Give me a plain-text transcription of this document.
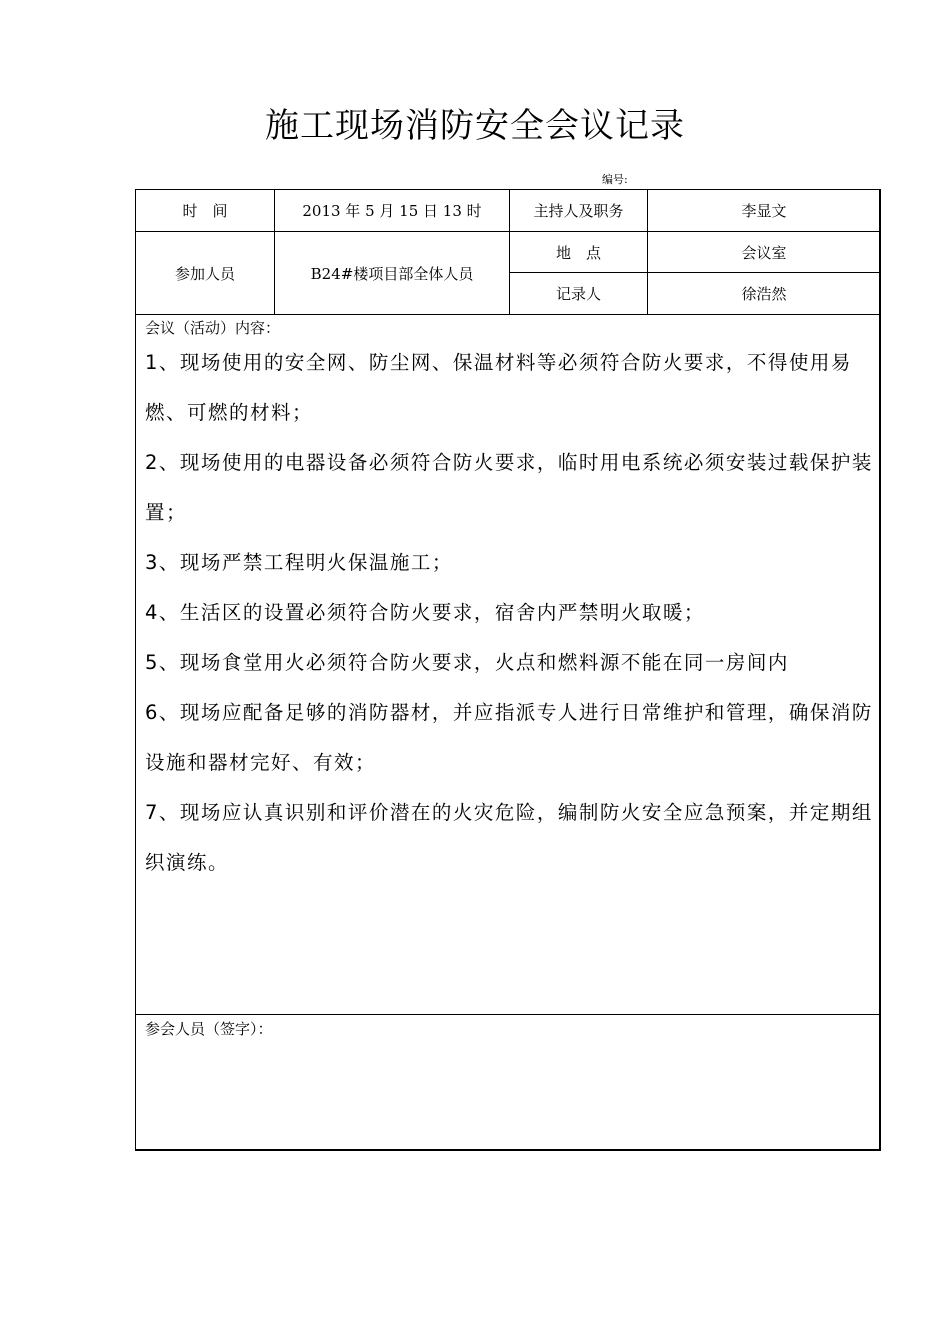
施工现场消防安全会议记录
编号:
时　间	2013 年 5 月 15 日 13 时	主持人及职务	李显文
参加人员	B24#楼项目部全体人员
地　点	会议室
记录人	徐浩然
会议（活动）内容：
1、现场使用的安全网、防尘网、保温材料等必须符合防火要求，不得使用易燃、可燃的材料；
2、现场使用的电器设备必须符合防火要求，临时用电系统必须安装过载保护装置；
3、现场严禁工程明火保温施工；
4、生活区的设置必须符合防火要求，宿舍内严禁明火取暖；
5、现场食堂用火必须符合防火要求，火点和燃料源不能在同一房间内
6、现场应配备足够的消防器材，并应指派专人进行日常维护和管理，确保消防设施和器材完好、有效；
7、现场应认真识别和评价潜在的火灾危险，编制防火安全应急预案，并定期组织演练。
参会人员（签字）：
